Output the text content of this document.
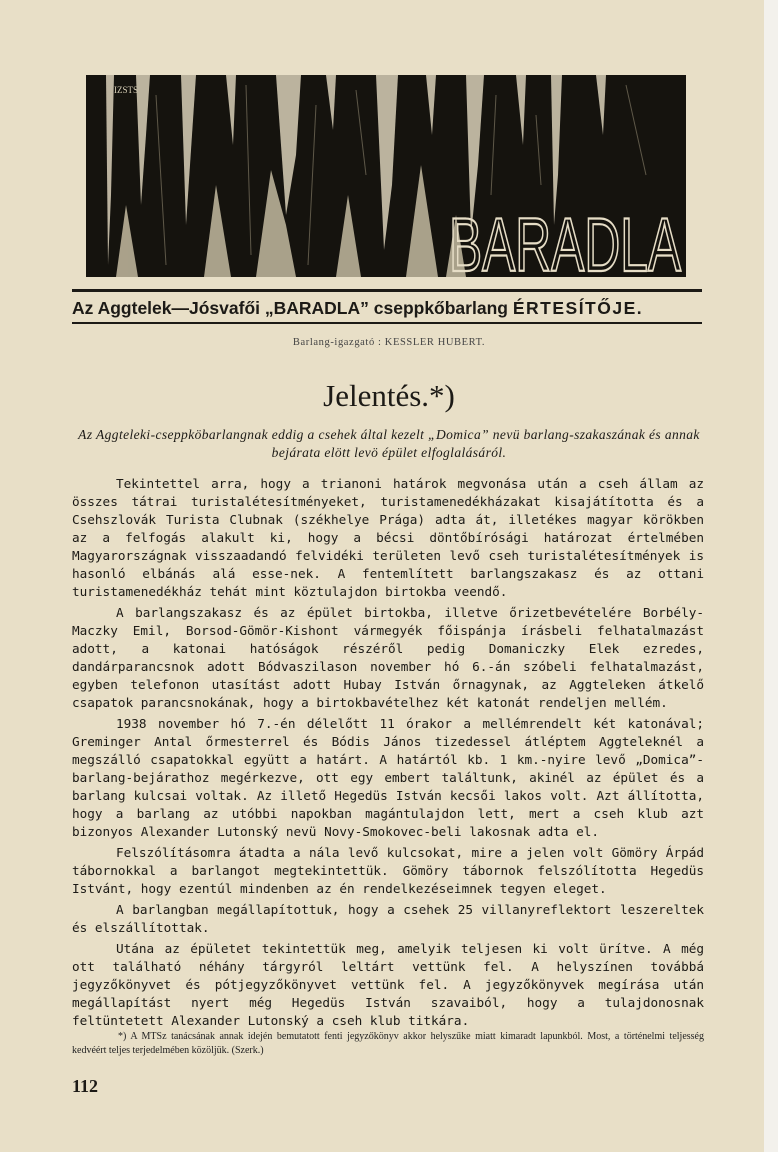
BARADLA
IZSTS
Az Aggtelek—Jósvafői „BARADLA” cseppkőbarlang ÉRTESÍTŐJE.
Barlang-igazgató : KESSLER HUBERT.
Jelentés.*)
Az Aggteleki-cseppköbarlangnak eddig a csehek által kezelt „Domica” nevü barlang-szakaszának és annak bejárata elött levö épület elfoglalásáról.

Tekintettel arra, hogy a trianoni határok megvonása után a cseh állam az összes tátrai turistalétesítményeket, turistamenedékházakat kisajátította és a Csehszlovák Turista Clubnak (székhelye Prága) adta át, illetékes magyar körökben az a felfogás alakult ki, hogy a bécsi döntőbírósági határozat értelmében Magyarországnak visszaadandó felvidéki területen levő cseh turistalétesítmények is hasonló elbánás alá esse-nek. A fentemlített barlangszakasz és az ottani turistamenedékház tehát mint köztulajdon birtokba veendő.

A barlangszakasz és az épület birtokba, illetve őrizetbevételére Borbély-Maczky Emil, Borsod-Gömör-Kishont vármegyék főispánja írásbeli felhatalmazást adott, a katonai hatóságok részéről pedig Domaniczky Elek ezredes, dandárparancsnok adott Bódvaszilason november hó 6.-án szóbeli felhatalmazást, egyben telefonon utasítást adott Hubay István őrnagynak, az Aggteleken átkelő csapatok parancsnokának, hogy a birtokbavételhez két katonát rendeljen mellém.

1938 november hó 7.-én délelőtt 11 órakor a mellémrendelt két katonával; Greminger Antal őrmesterrel és Bódis János tizedessel átléptem Aggteleknél a megszálló csapatokkal együtt a határt. A határtól kb. 1 km.-nyire levő „Domica”-barlang-bejárathoz megérkezve, ott egy embert találtunk, akinél az épület és a barlang kulcsai voltak. Az illető Hegedüs István kecsői lakos volt. Azt állította, hogy a barlang az utóbbi napokban magántulajdon lett, mert a cseh klub azt bizonyos Alexander Lutonský nevü Novy-Smokovec-beli lakosnak adta el.

Felszólításomra átadta a nála levő kulcsokat, mire a jelen volt Gömöry Árpád tábornokkal a barlangot megtekintettük. Gömöry tábornok felszólította Hegedüs Istvánt, hogy ezentúl mindenben az én rendelkezéseimnek tegyen eleget.

A barlangban megállapítottuk, hogy a csehek 25 villanyreflektort leszereltek és elszállítottak.

Utána az épületet tekintettük meg, amelyik teljesen ki volt ürítve. A még ott található néhány tárgyról leltárt vettünk fel. A helyszínen továbbá jegyzőkönyvet és pótjegyzőkönyvet vettünk fel. A jegyzőkönyvek megírása után megállapítást nyert még Hegedüs István szavaiból, hogy a tulajdonosnak feltüntetett Alexander Lutonský a cseh klub titkára.

*) A MTSz tanácsának annak idején bemutatott fenti jegyzőkönyv akkor helyszűke miatt kimaradt lapunkból. Most, a történelmi teljesség kedvéért teljes terjedelmében közöljük. (Szerk.)
112
